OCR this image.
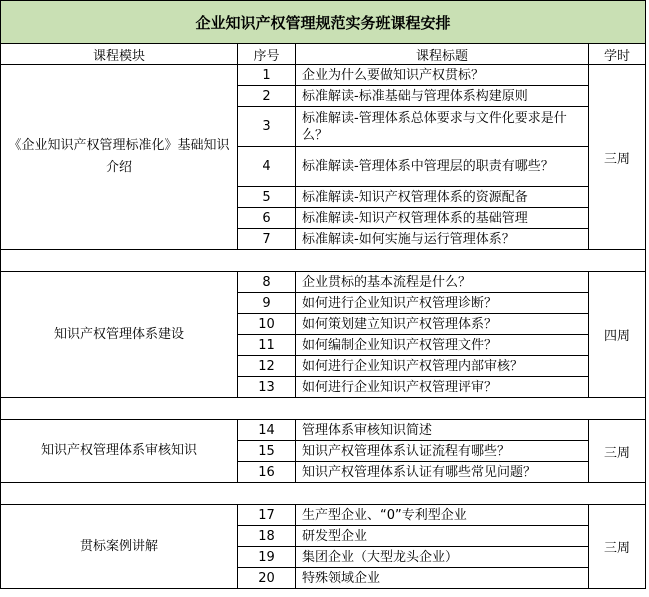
企业知识产权管理规范实务班课程安排			
课程模块	序号	课程标题	学时
《企业知识产权管理标准化》基础知识介绍	1	企业为什么要做知识产权贯标？	三周
	2	标准解读-标准基础与管理体系构建原则	
	3	标准解读-管理体系总体要求与文件化要求是什么？	
	4	标准解读-管理体系中管理层的职责有哪些？	
	5	标准解读-知识产权管理体系的资源配备	
	6	标准解读-知识产权管理体系的基础管理	
	7	标准解读-如何实施与运行管理体系？	

知识产权管理体系建设	8	企业贯标的基本流程是什么？	四周
	9	如何进行企业知识产权管理诊断？	
	10	如何策划建立知识产权管理体系？	
	11	如何编制企业知识产权管理文件？	
	12	如何进行企业知识产权管理内部审核？	
	13	如何进行企业知识产权管理评审？	

知识产权管理体系审核知识	14	管理体系审核知识简述	三周
	15	知识产权管理体系认证流程有哪些？	
	16	知识产权管理体系认证有哪些常见问题？	

贯标案例讲解	17	生产型企业、“0”专利型企业	三周
	18	研发型企业	
	19	集团企业（大型龙头企业）	
	20	特殊领域企业	
